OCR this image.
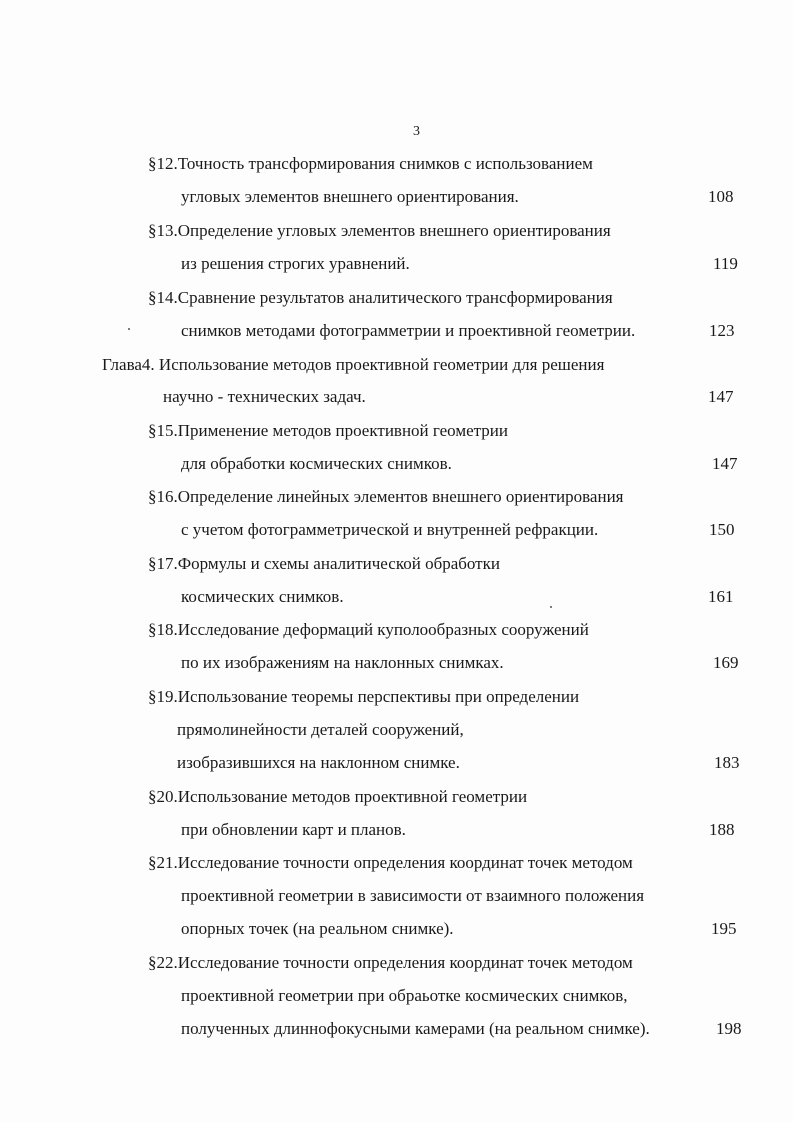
3
§12.Точность трансформирования снимков с использованием
угловых элементов внешнего ориентирования.	108
§13.Определение угловых элементов внешнего ориентирования
из решения строгих уравнений.	119
§14.Сравнение результатов аналитического трансформирования
снимков методами фотограмметрии и проективной геометрии.	123
Глава4. Использование методов проективной геометрии для решения
научно - технических задач.	147
§15.Применение методов проективной геометрии
для обработки космических снимков.	147
§16.Определение линейных элементов внешнего ориентирования
с учетом фотограмметрической и внутренней рефракции.	150
§17.Формулы и схемы аналитической обработки
космических снимков.	161
§18.Исследование деформаций куполообразных сооружений
по их изображениям на наклонных снимках.	169
§19.Использование теоремы перспективы при определении
прямолинейности деталей сооружений,
изобразившихся на наклонном снимке.	183
§20.Использование методов проективной геометрии
при обновлении карт и планов.	188
§21.Исследование точности определения координат точек методом
проективной геометрии в зависимости от взаимного положения
опорных точек (на реальном снимке).	195
§22.Исследование точности определения координат точек методом
проективной геометрии при обраьотке космических снимков,
полученных длиннофокусными камерами (на реальном снимке).	198
